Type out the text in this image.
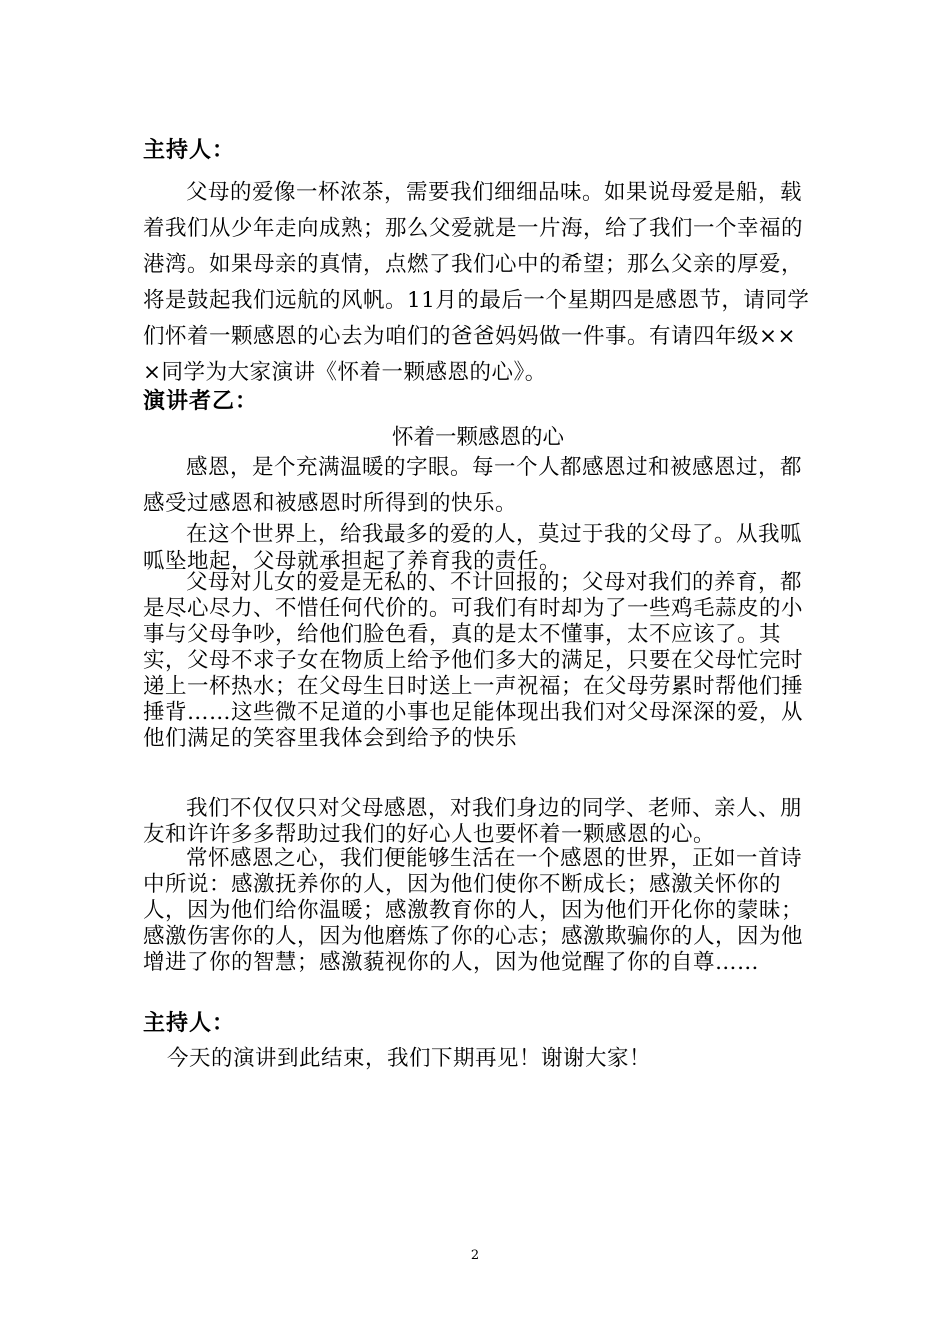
主持人：

父母的爱像一杯浓茶，需要我们细细品味。如果说母爱是船，载着我们从少年走向成熟；那么父爱就是一片海，给了我们一个幸福的港湾。如果母亲的真情，点燃了我们心中的希望；那么父亲的厚爱，将是鼓起我们远航的风帆。11月的最后一个星期四是感恩节，请同学们怀着一颗感恩的心去为咱们的爸爸妈妈做一件事。有请四年级×××同学为大家演讲《怀着一颗感恩的心》。

演讲者乙：
怀着一颗感恩的心

感恩，是个充满温暖的字眼。每一个人都感恩过和被感恩过，都感受过感恩和被感恩时所得到的快乐。

在这个世界上，给我最多的爱的人，莫过于我的父母了。从我呱呱坠地起，父母就承担起了养育我的责任。

父母对儿女的爱是无私的、不计回报的；父母对我们的养育，都是尽心尽力、不惜任何代价的。可我们有时却为了一些鸡毛蒜皮的小事与父母争吵，给他们脸色看，真的是太不懂事，太不应该了。其实，父母不求子女在物质上给予他们多大的满足，只要在父母忙完时递上一杯热水；在父母生日时送上一声祝福；在父母劳累时帮他们捶捶背……这些微不足道的小事也足能体现出我们对父母深深的爱，从他们满足的笑容里我体会到给予的快乐

我们不仅仅只对父母感恩，对我们身边的同学、老师、亲人、朋友和许许多多帮助过我们的好心人也要怀着一颗感恩的心。

常怀感恩之心，我们便能够生活在一个感恩的世界，正如一首诗中所说：感激抚养你的人，因为他们使你不断成长；感激关怀你的人，因为他们给你温暖；感激教育你的人，因为他们开化你的蒙昧；感激伤害你的人，因为他磨炼了你的心志；感激欺骗你的人，因为他增进了你的智慧；感激藐视你的人，因为他觉醒了你的自尊……

主持人：

今天的演讲到此结束，我们下期再见！谢谢大家！

2
